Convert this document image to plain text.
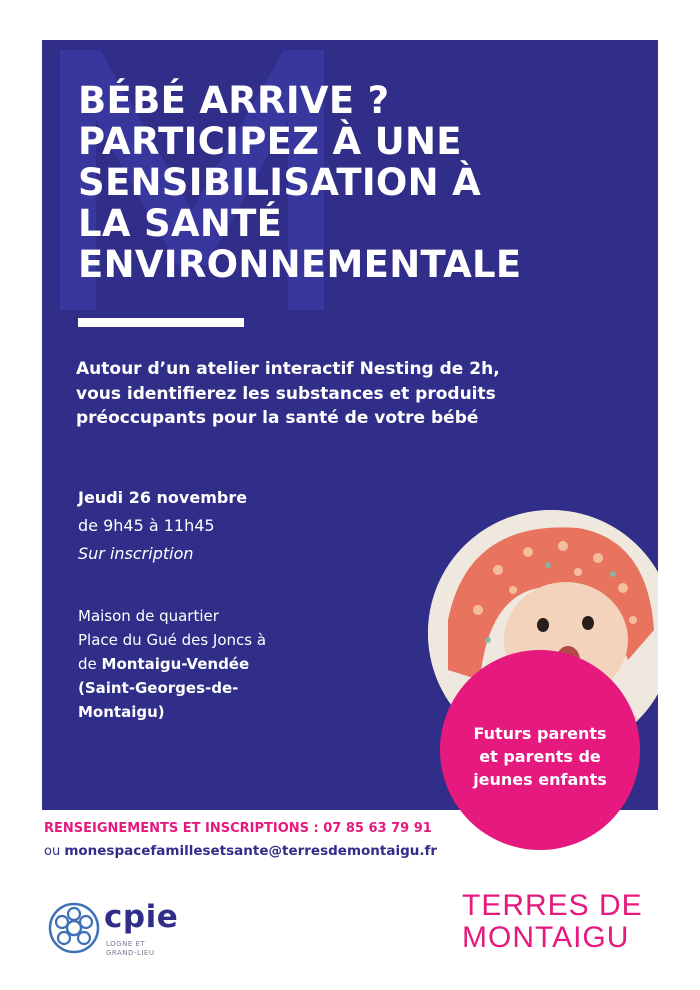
BÉBÉ ARRIVE ?
PARTICIPEZ À UNE
SENSIBILISATION À
LA SANTÉ
ENVIRONNEMENTALE

Autour d’un atelier interactif Nesting de 2h,
vous identifierez les substances et produits
préoccupants pour la santé de votre bébé

Jeudi 26 novembre
de 9h45 à 11h45
Sur inscription
Maison de quartier
Place du Gué des Joncs à
de Montaigu-Vendée
(Saint-Georges-de-
Montaigu)
Futurs parents
et parents de
jeunes enfants
RENSEIGNEMENTS ET INSCRIPTIONS : 07 85 63 79 91
ou monespacefamillesetsante@terresdemontaigu.fr
cpie
LOGNE ET
GRAND-LIEU
TERRES DE
MONTAIGU
